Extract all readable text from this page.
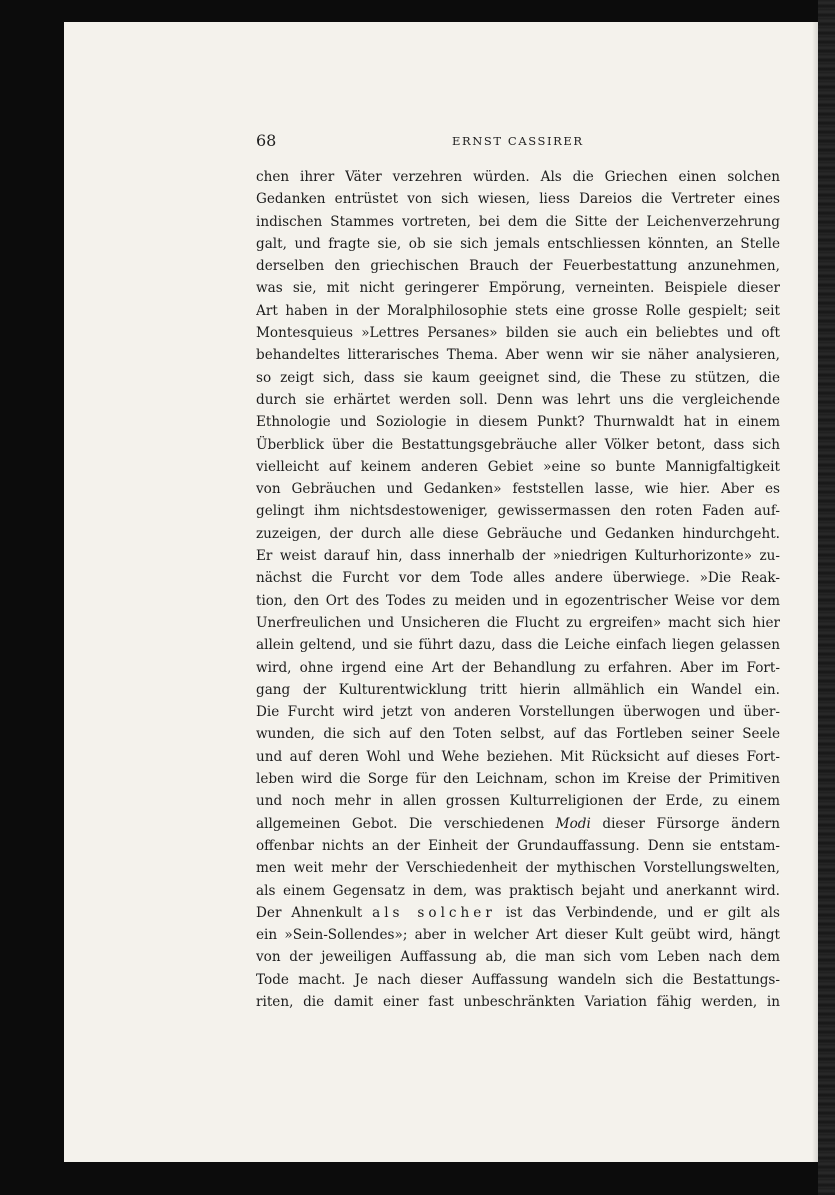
68	ERNST CASSIRER
chen ihrer Väter verzehren würden. Als die Griechen einen solchen
Gedanken entrüstet von sich wiesen, liess Dareios die Vertreter eines
indischen Stammes vortreten, bei dem die Sitte der Leichenverzehrung
galt, und fragte sie, ob sie sich jemals entschliessen könnten, an Stelle
derselben den griechischen Brauch der Feuerbestattung anzunehmen,
was sie, mit nicht geringerer Empörung, verneinten. Beispiele dieser
Art haben in der Moralphilosophie stets eine grosse Rolle gespielt; seit
Montesquieus »Lettres Persanes» bilden sie auch ein beliebtes und oft
behandeltes litterarisches Thema. Aber wenn wir sie näher analysieren,
so zeigt sich, dass sie kaum geeignet sind, die These zu stützen, die
durch sie erhärtet werden soll. Denn was lehrt uns die vergleichende
Ethnologie und Soziologie in diesem Punkt? Thurnwaldt hat in einem
Überblick über die Bestattungsgebräuche aller Völker betont, dass sich
vielleicht auf keinem anderen Gebiet »eine so bunte Mannigfaltigkeit
von Gebräuchen und Gedanken» feststellen lasse, wie hier. Aber es
gelingt ihm nichtsdestoweniger, gewissermassen den roten Faden auf-
zuzeigen, der durch alle diese Gebräuche und Gedanken hindurchgeht.
Er weist darauf hin, dass innerhalb der »niedrigen Kulturhorizonte» zu-
nächst die Furcht vor dem Tode alles andere überwiege. »Die Reak-
tion, den Ort des Todes zu meiden und in egozentrischer Weise vor dem
Unerfreulichen und Unsicheren die Flucht zu ergreifen» macht sich hier
allein geltend, und sie führt dazu, dass die Leiche einfach liegen gelassen
wird, ohne irgend eine Art der Behandlung zu erfahren. Aber im Fort-
gang der Kulturentwicklung tritt hierin allmählich ein Wandel ein.
Die Furcht wird jetzt von anderen Vorstellungen überwogen und über-
wunden, die sich auf den Toten selbst, auf das Fortleben seiner Seele
und auf deren Wohl und Wehe beziehen. Mit Rücksicht auf dieses Fort-
leben wird die Sorge für den Leichnam, schon im Kreise der Primitiven
und noch mehr in allen grossen Kulturreligionen der Erde, zu einem
allgemeinen Gebot. Die verschiedenen Modi dieser Fürsorge ändern
offenbar nichts an der Einheit der Grundauffassung. Denn sie entstam-
men weit mehr der Verschiedenheit der mythischen Vorstellungswelten,
als einem Gegensatz in dem, was praktisch bejaht und anerkannt wird.
Der Ahnenkult als solcher ist das Verbindende, und er gilt als
ein »Sein-Sollendes»; aber in welcher Art dieser Kult geübt wird, hängt
von der jeweiligen Auffassung ab, die man sich vom Leben nach dem
Tode macht. Je nach dieser Auffassung wandeln sich die Bestattungs-
riten, die damit einer fast unbeschränkten Variation fähig werden, in
